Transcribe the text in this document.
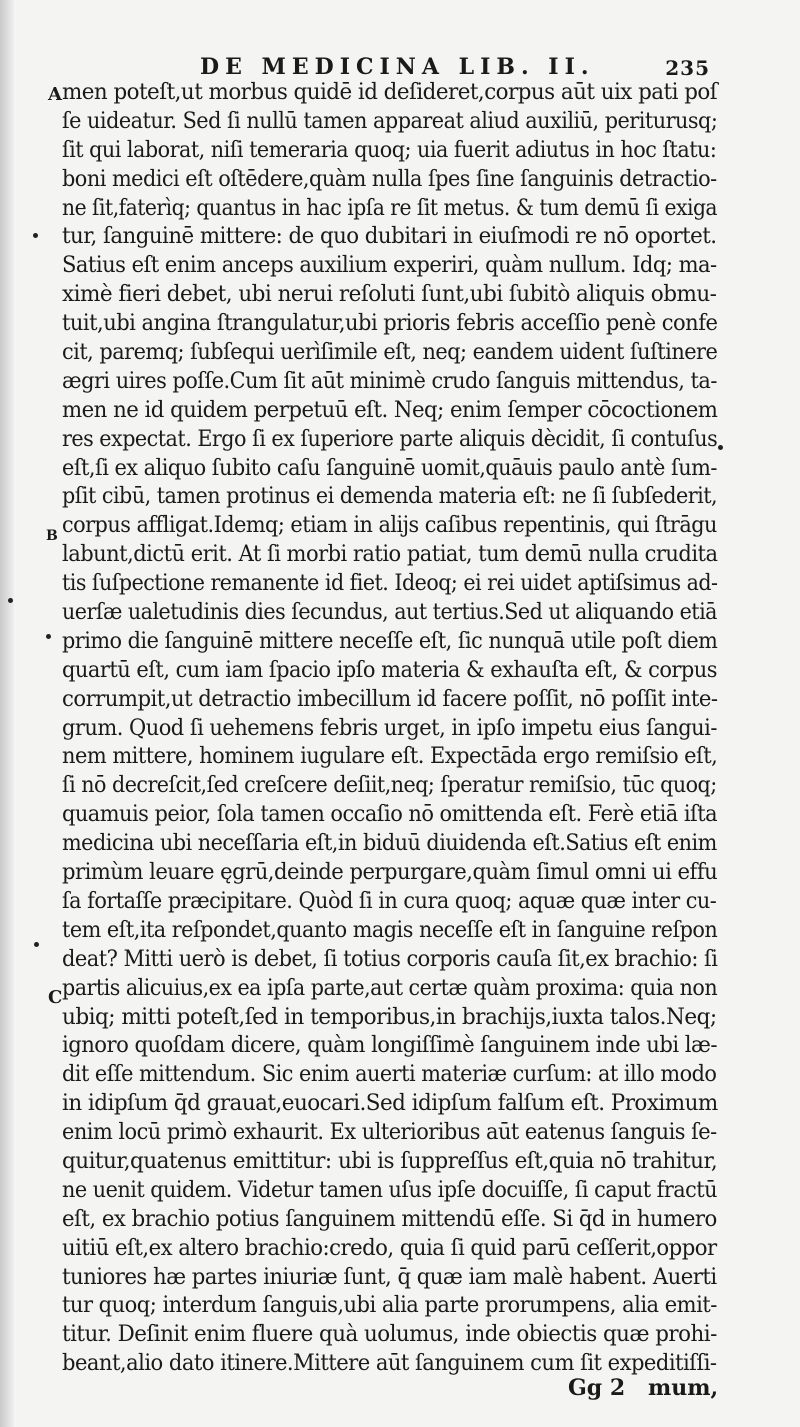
DE MEDICINA LIB. II.	235
A
B
C
men poteſt,ut morbus quidē id deſideret,corpus aūt uix pati poſ
ſe uideatur. Sed ſi nullū tamen appareat aliud auxiliū, periturusq;
ſit qui laborat, niſi temeraria quoq; uia fuerit adiutus in hoc ſtatu:
boni medici eſt oſtēdere,quàm nulla ſpes ſine ſanguinis detractio-
ne ſit,faterìq; quantus in hac ipſa re ſit metus. & tum demū ſi exiga
tur, ſanguinē mittere: de quo dubitari in eiuſmodi re nō oportet.
Satius eſt enim anceps auxilium experiri, quàm nullum. Idq; ma-
ximè fieri debet, ubi nerui reſoluti ſunt,ubi ſubitò aliquis obmu-
tuit,ubi angina ſtrangulatur,ubi prioris febris acceſſio penè confe
cit, paremq; ſubſequi uerìſimile eſt, neq; eandem uident ſuſtinere
ægri uires poſſe.Cum ſit aūt minimè crudo ſanguis mittendus, ta-
men ne id quidem perpetuū eſt. Neq; enim ſemper cōcoctionem
res expectat. Ergo ſi ex ſuperiore parte aliquis dècidit, ſi contuſus
eſt,ſi ex aliquo ſubito caſu ſanguinē uomit,quāuis paulo antè ſum-
pſit cibū, tamen protinus ei demenda materia eſt: ne ſi ſubſederit,
corpus affligat.Idemq; etiam in alijs caſibus repentinis, qui ſtrāgu
labunt,dictū erit. At ſi morbi ratio patiat, tum demū nulla crudita
tis ſuſpectione remanente id fiet. Ideoq; ei rei uidet aptiſsimus ad-
uerſæ ualetudinis dies ſecundus, aut tertius.Sed ut aliquando etiā
primo die ſanguinē mittere neceſſe eſt, ſic nunquā utile poſt diem
quartū eſt, cum iam ſpacio ipſo materia & exhauſta eſt, & corpus
corrumpit,ut detractio imbecillum id facere poſſit, nō poſſit inte-
grum. Quod ſi uehemens febris urget, in ipſo impetu eius ſangui-
nem mittere, hominem iugulare eſt. Expectāda ergo remiſsio eſt,
ſi nō decreſcit,ſed creſcere deſiit,neq; ſperatur remiſsio, tūc quoq;
quamuis peior, ſola tamen occaſio nō omittenda eſt. Ferè etiā iſta
medicina ubi neceſſaria eſt,in biduū diuidenda eſt.Satius eſt enim
primùm leuare ęgrū,deinde perpurgare,quàm ſimul omni ui effu
ſa fortaſſe præcipitare. Quòd ſi in cura quoq; aquæ quæ inter cu-
tem eſt,ita reſpondet,quanto magis neceſſe eſt in ſanguine reſpon
deat? Mitti uerò is debet, ſi totius corporis cauſa ſit,ex brachio: ſi
partis alicuius,ex ea ipſa parte,aut certæ quàm proxima: quia non
ubiq; mitti poteſt,ſed in temporibus,in brachijs,iuxta talos.Neq;
ignoro quoſdam dicere, quàm longiſſimè ſanguinem inde ubi læ-
dit eſſe mittendum. Sic enim auerti materiæ curſum: at illo modo
in idipſum q̄d grauat,euocari.Sed idipſum falſum eſt. Proximum
enim locū primò exhaurit. Ex ulterioribus aūt eatenus ſanguis ſe-
quitur,quatenus emittitur: ubi is ſuppreſſus eſt,quia nō trahitur,
ne uenit quidem. Videtur tamen uſus ipſe docuiſſe, ſi caput fractū
eſt, ex brachio potius ſanguinem mittendū eſſe. Si q̄d in humero
uitiū eſt,ex altero brachio:credo, quia ſi quid parū ceſſerit,oppor
tuniores hæ partes iniuriæ ſunt, q̄ quæ iam malè habent. Auerti
tur quoq; interdum ſanguis,ubi alia parte prorumpens, alia emit-
titur. Deſinit enim fluere quà uolumus, inde obiectis quæ prohi-
beant,alio dato itinere.Mittere aūt ſanguinem cum ſit expeditiſſi-
Gg 2 mum,
